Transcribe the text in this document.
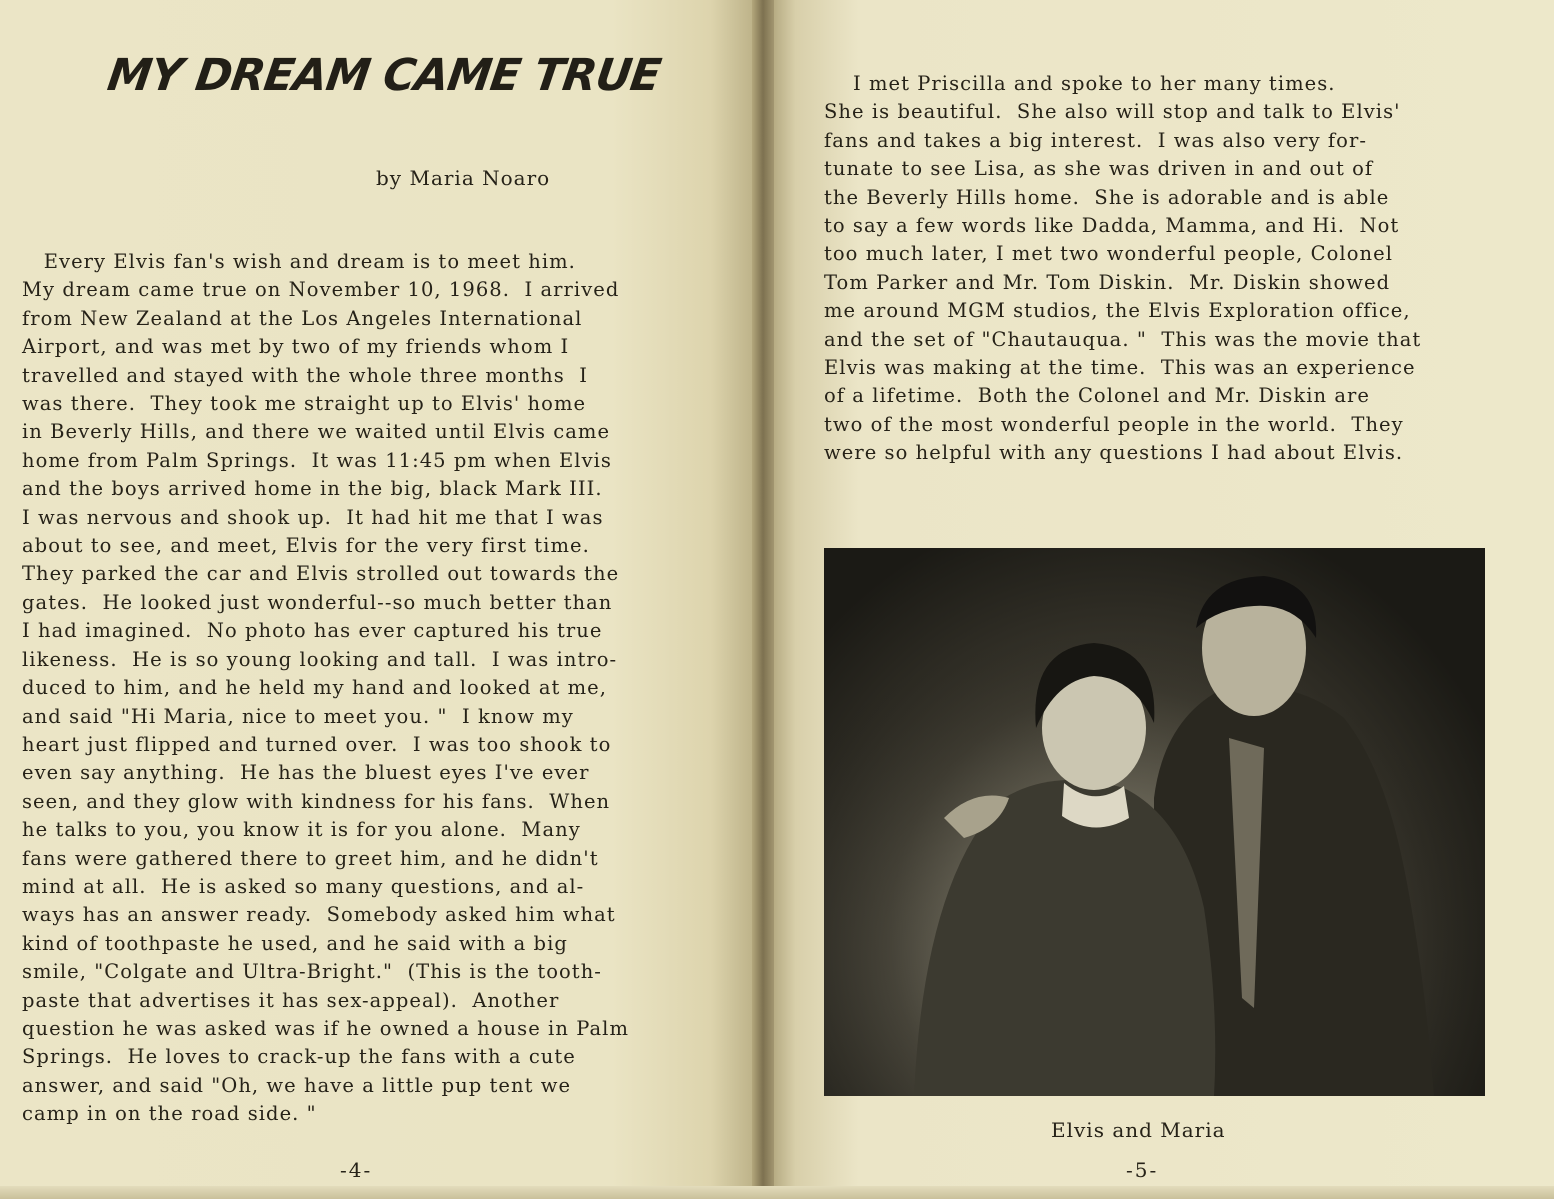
MY DREAM CAME TRUE
by Maria Noaro
Every Elvis fan's wish and dream is to meet him.
My dream came true on November 10, 1968.  I arrived
from New Zealand at the Los Angeles International
Airport, and was met by two of my friends whom I
travelled and stayed with the whole three months  I
was there.  They took me straight up to Elvis' home
in Beverly Hills, and there we waited until Elvis came
home from Palm Springs.  It was 11:45 pm when Elvis
and the boys arrived home in the big, black Mark III.
I was nervous and shook up.  It had hit me that I was
about to see, and meet, Elvis for the very first time.
They parked the car and Elvis strolled out towards the
gates.  He looked just wonderful--so much better than
I had imagined.  No photo has ever captured his true
likeness.  He is so young looking and tall.  I was intro-
duced to him, and he held my hand and looked at me,
and said "Hi Maria, nice to meet you. "  I know my
heart just flipped and turned over.  I was too shook to
even say anything.  He has the bluest eyes I've ever
seen, and they glow with kindness for his fans.  When
he talks to you, you know it is for you alone.  Many
fans were gathered there to greet him, and he didn't
mind at all.  He is asked so many questions, and al-
ways has an answer ready.  Somebody asked him what
kind of toothpaste he used, and he said with a big
smile, "Colgate and Ultra-Bright."  (This is the tooth-
paste that advertises it has sex-appeal).  Another
question he was asked was if he owned a house in Palm
Springs.  He loves to crack-up the fans with a cute
answer, and said "Oh, we have a little pup tent we
camp in on the road side. "
-4-
I met Priscilla and spoke to her many times.
She is beautiful.  She also will stop and talk to Elvis'
fans and takes a big interest.  I was also very for-
tunate to see Lisa, as she was driven in and out of
the Beverly Hills home.  She is adorable and is able
to say a few words like Dadda, Mamma, and Hi.  Not
too much later, I met two wonderful people, Colonel
Tom Parker and Mr. Tom Diskin.  Mr. Diskin showed
me around MGM studios, the Elvis Exploration office,
and the set of "Chautauqua. "  This was the movie that
Elvis was making at the time.  This was an experience
of a lifetime.  Both the Colonel and Mr. Diskin are
two of the most wonderful people in the world.  They
were so helpful with any questions I had about Elvis.
Elvis and Maria
-5-
